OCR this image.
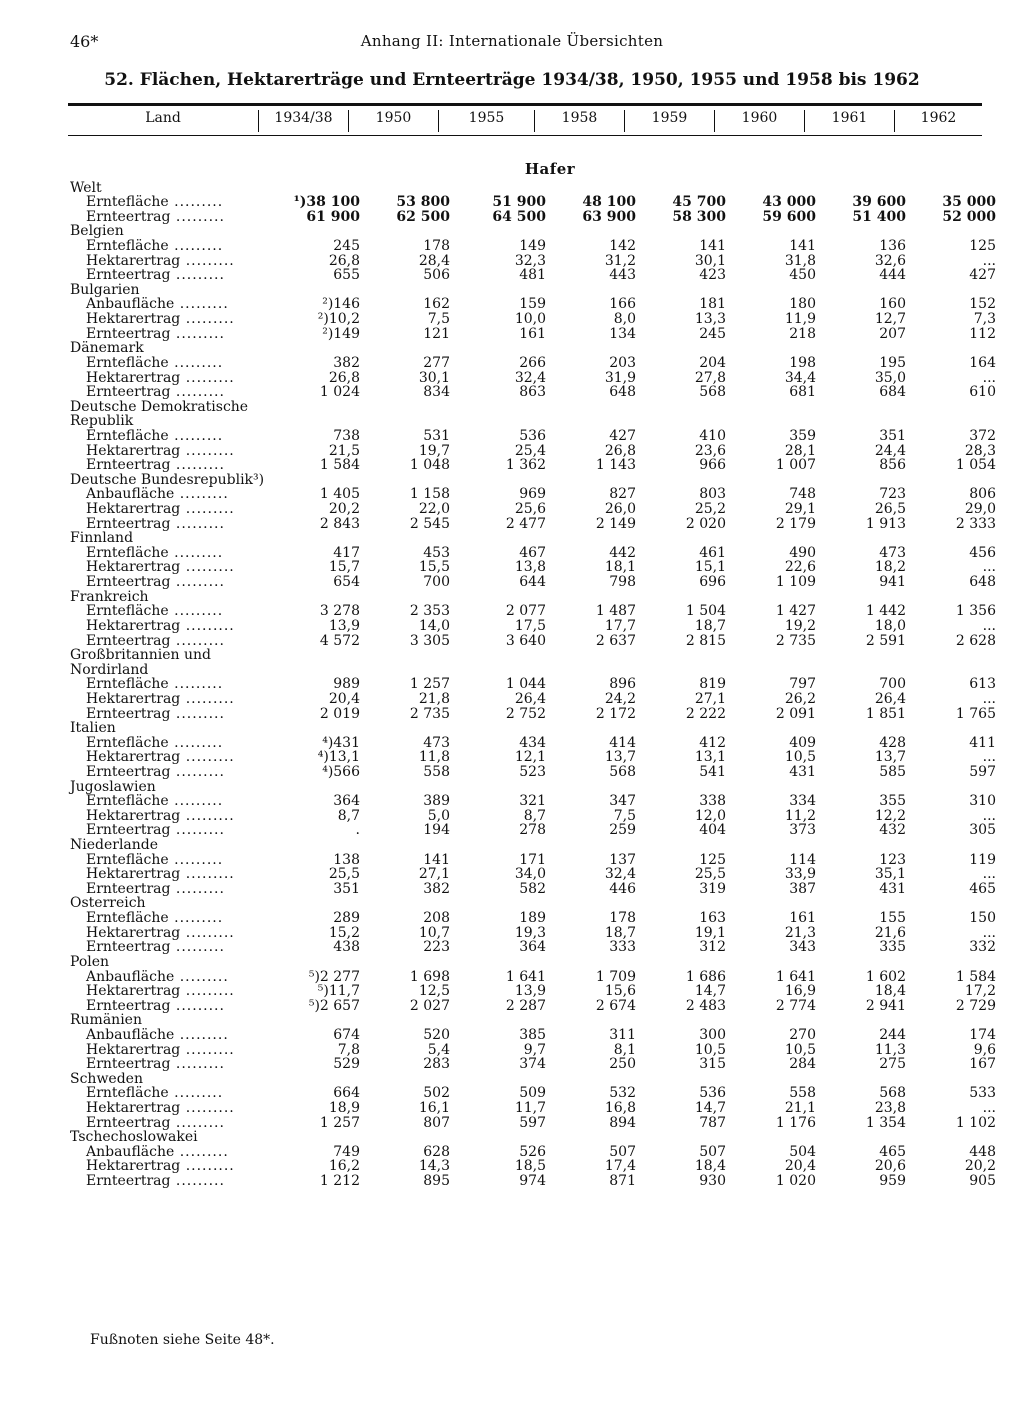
46*	Anhang II: Internationale Übersichten
52. Flächen, Hektarerträge und Ernteerträge 1934/38, 1950, 1955 und 1958 bis 1962
Land	1934/38	1950	1955	1958	1959	1960	1961	1962
Hafer
Welt								
Erntefläche .........	¹)38 100	53 800	51 900	48 100	45 700	43 000	39 600	35 000
Ernteertrag .........	61 900	62 500	64 500	63 900	58 300	59 600	51 400	52 000
Belgien								
Erntefläche .........	245	178	149	142	141	141	136	125
Hektarertrag .........	26,8	28,4	32,3	31,2	30,1	31,8	32,6	...
Ernteertrag .........	655	506	481	443	423	450	444	427
Bulgarien								
Anbaufläche .........	²)146	162	159	166	181	180	160	152
Hektarertrag .........	²)10,2	7,5	10,0	8,0	13,3	11,9	12,7	7,3
Ernteertrag .........	²)149	121	161	134	245	218	207	112
Dänemark								
Erntefläche .........	382	277	266	203	204	198	195	164
Hektarertrag .........	26,8	30,1	32,4	31,9	27,8	34,4	35,0	...
Ernteertrag .........	1 024	834	863	648	568	681	684	610
Deutsche Demokratische								
Republik								
Erntefläche .........	738	531	536	427	410	359	351	372
Hektarertrag .........	21,5	19,7	25,4	26,8	23,6	28,1	24,4	28,3
Ernteertrag .........	1 584	1 048	1 362	1 143	966	1 007	856	1 054
Deutsche Bundesrepublik³)								
Anbaufläche .........	1 405	1 158	969	827	803	748	723	806
Hektarertrag .........	20,2	22,0	25,6	26,0	25,2	29,1	26,5	29,0
Ernteertrag .........	2 843	2 545	2 477	2 149	2 020	2 179	1 913	2 333
Finnland								
Erntefläche .........	417	453	467	442	461	490	473	456
Hektarertrag .........	15,7	15,5	13,8	18,1	15,1	22,6	18,2	...
Ernteertrag .........	654	700	644	798	696	1 109	941	648
Frankreich								
Erntefläche .........	3 278	2 353	2 077	1 487	1 504	1 427	1 442	1 356
Hektarertrag .........	13,9	14,0	17,5	17,7	18,7	19,2	18,0	...
Ernteertrag .........	4 572	3 305	3 640	2 637	2 815	2 735	2 591	2 628
Großbritannien und								
Nordirland								
Erntefläche .........	989	1 257	1 044	896	819	797	700	613
Hektarertrag .........	20,4	21,8	26,4	24,2	27,1	26,2	26,4	...
Ernteertrag .........	2 019	2 735	2 752	2 172	2 222	2 091	1 851	1 765
Italien								
Erntefläche .........	⁴)431	473	434	414	412	409	428	411
Hektarertrag .........	⁴)13,1	11,8	12,1	13,7	13,1	10,5	13,7	...
Ernteertrag .........	⁴)566	558	523	568	541	431	585	597
Jugoslawien								
Erntefläche .........	364	389	321	347	338	334	355	310
Hektarertrag .........	8,7	5,0	8,7	7,5	12,0	11,2	12,2	...
Ernteertrag .........	.	194	278	259	404	373	432	305
Niederlande								
Erntefläche .........	138	141	171	137	125	114	123	119
Hektarertrag .........	25,5	27,1	34,0	32,4	25,5	33,9	35,1	...
Ernteertrag .........	351	382	582	446	319	387	431	465
Österreich								
Erntefläche .........	289	208	189	178	163	161	155	150
Hektarertrag .........	15,2	10,7	19,3	18,7	19,1	21,3	21,6	...
Ernteertrag .........	438	223	364	333	312	343	335	332
Polen								
Anbaufläche .........	⁵)2 277	1 698	1 641	1 709	1 686	1 641	1 602	1 584
Hektarertrag .........	⁵)11,7	12,5	13,9	15,6	14,7	16,9	18,4	17,2
Ernteertrag .........	⁵)2 657	2 027	2 287	2 674	2 483	2 774	2 941	2 729
Rumänien								
Anbaufläche .........	674	520	385	311	300	270	244	174
Hektarertrag .........	7,8	5,4	9,7	8,1	10,5	10,5	11,3	9,6
Ernteertrag .........	529	283	374	250	315	284	275	167
Schweden								
Erntefläche .........	664	502	509	532	536	558	568	533
Hektarertrag .........	18,9	16,1	11,7	16,8	14,7	21,1	23,8	...
Ernteertrag .........	1 257	807	597	894	787	1 176	1 354	1 102
Tschechoslowakei								
Anbaufläche .........	749	628	526	507	507	504	465	448
Hektarertrag .........	16,2	14,3	18,5	17,4	18,4	20,4	20,6	20,2
Ernteertrag .........	1 212	895	974	871	930	1 020	959	905
Fußnoten siehe Seite 48*.
